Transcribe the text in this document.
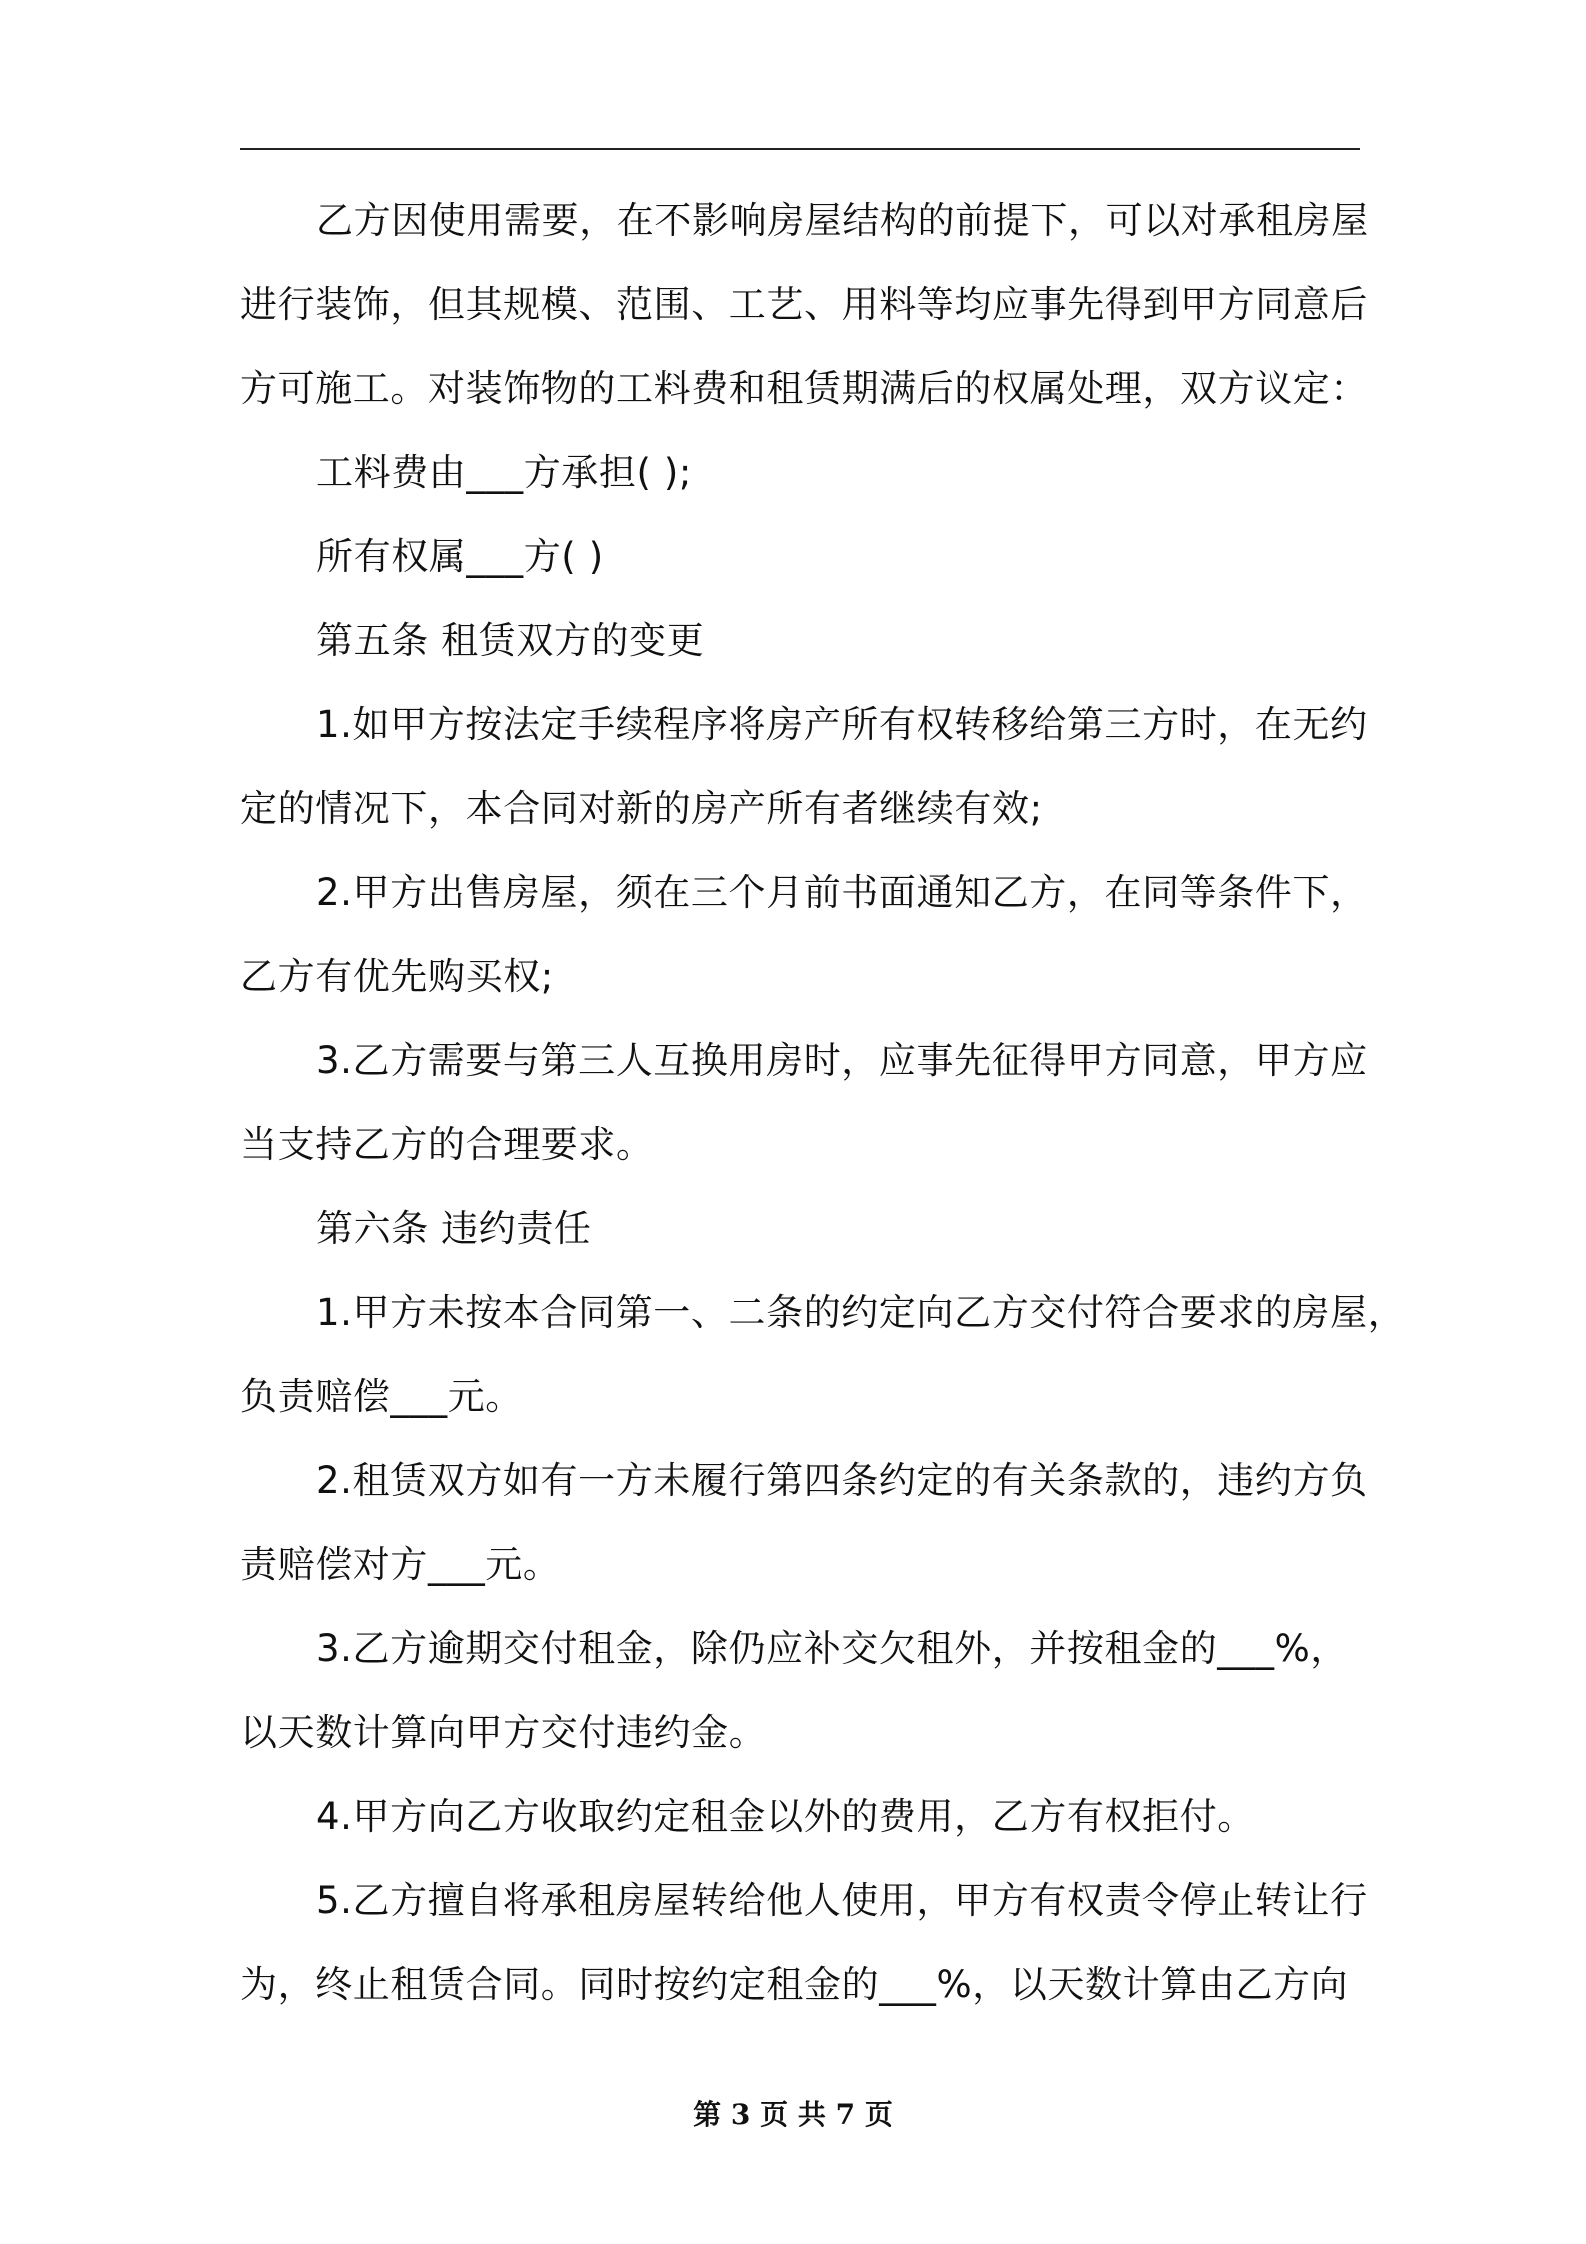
乙方因使用需要，在不影响房屋结构的前提下，可以对承租房屋
进行装饰，但其规模、范围、工艺、用料等均应事先得到甲方同意后
方可施工。对装饰物的工料费和租赁期满后的权属处理，双方议定：
工料费由___方承担( );
所有权属___方( )
第五条 租赁双方的变更
1.如甲方按法定手续程序将房产所有权转移给第三方时，在无约
定的情况下，本合同对新的房产所有者继续有效;
2.甲方出售房屋，须在三个月前书面通知乙方，在同等条件下，
乙方有优先购买权;
3.乙方需要与第三人互换用房时，应事先征得甲方同意，甲方应
当支持乙方的合理要求。
第六条 违约责任
1.甲方未按本合同第一、二条的约定向乙方交付符合要求的房屋，
负责赔偿___元。
2.租赁双方如有一方未履行第四条约定的有关条款的，违约方负
责赔偿对方___元。
3.乙方逾期交付租金，除仍应补交欠租外，并按租金的___%，
以天数计算向甲方交付违约金。
4.甲方向乙方收取约定租金以外的费用，乙方有权拒付。
5.乙方擅自将承租房屋转给他人使用，甲方有权责令停止转让行
为，终止租赁合同。同时按约定租金的___%，以天数计算由乙方向
第 3 页 共 7 页
